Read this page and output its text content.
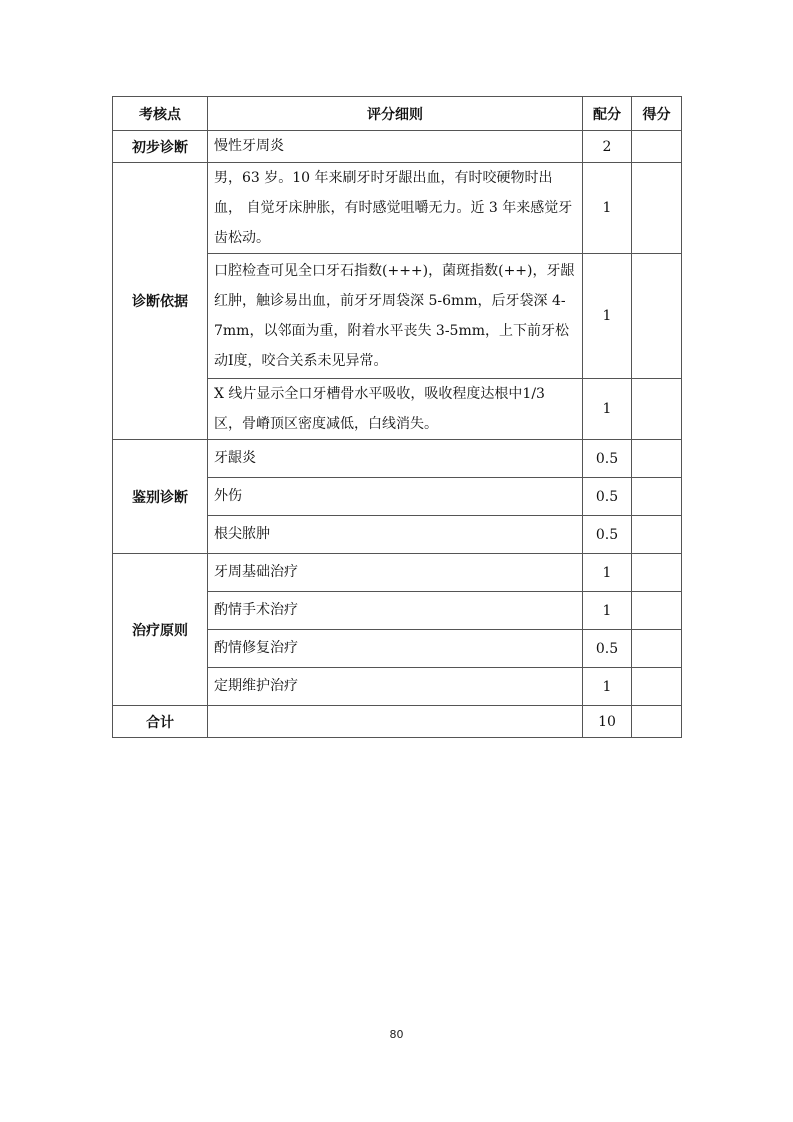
考核点	评分细则	配分	得分
初步诊断	慢性牙周炎	2	
诊断依据	男，63 岁。10 年来刷牙时牙龈出血，有时咬硬物时出血， 自觉牙床肿胀，有时感觉咀嚼无力。近 3 年来感觉牙齿松动。	1	
	口腔检查可见全口牙石指数(+++)，菌斑指数(++)，牙龈红肿，触诊易出血，前牙牙周袋深 5-6mm，后牙袋深 4-7mm，以邻面为重，附着水平丧失 3-5mm，上下前牙松动I度，咬合关系未见异常。	1	
	X 线片显示全口牙槽骨水平吸收，吸收程度达根中1/3 区，骨嵴顶区密度减低，白线消失。	1	
鉴别诊断	牙龈炎	0.5	
	外伤	0.5	
	根尖脓肿	0.5	
治疗原则	牙周基础治疗	1	
	酌情手术治疗	1	
	酌情修复治疗	0.5	
	定期维护治疗	1	
合计		10	
80
